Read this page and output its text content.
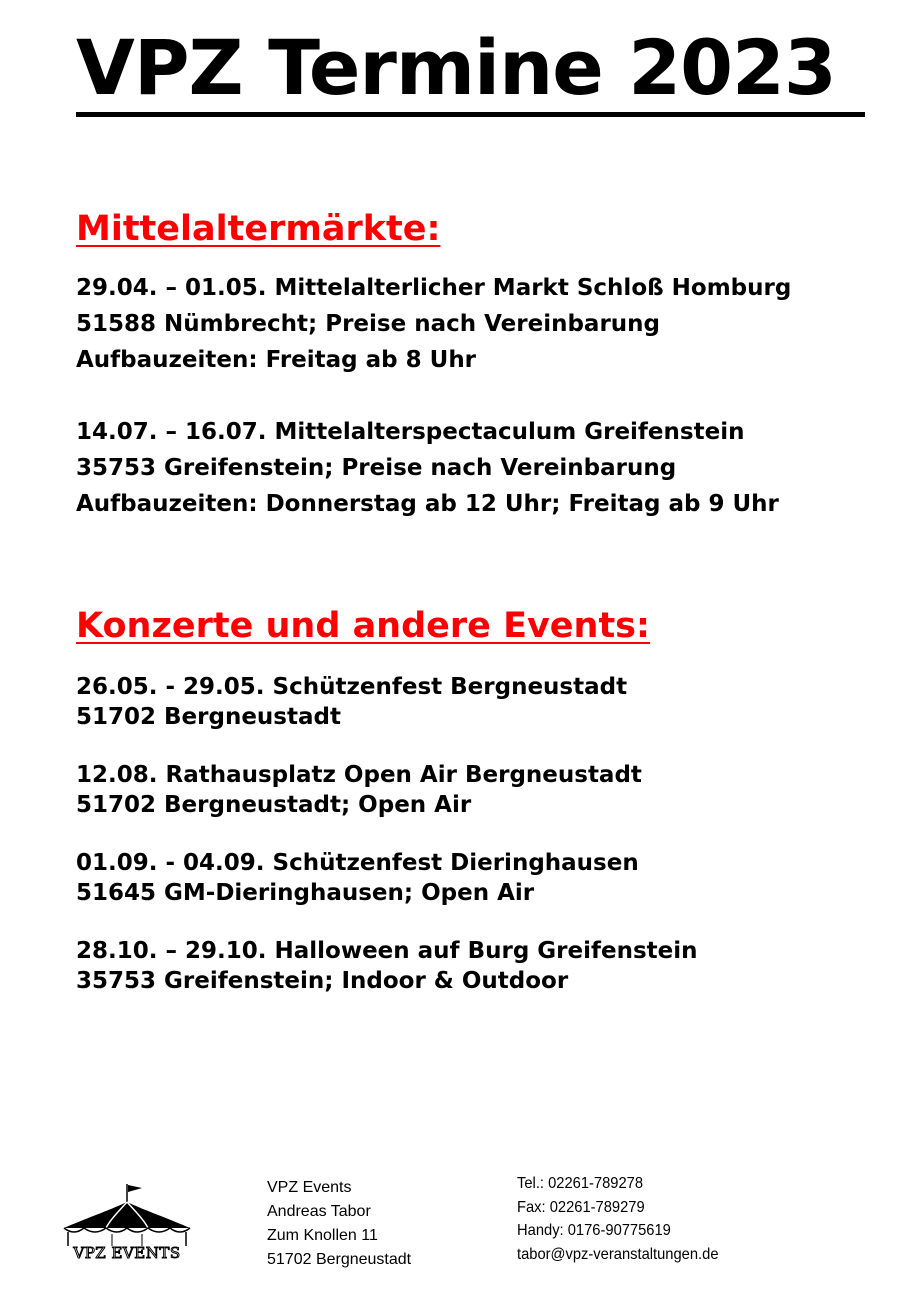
VPZ Termine 2023
Mittelaltermärkte:
29.04. – 01.05. Mittelalterlicher Markt Schloß Homburg
51588 Nümbrecht; Preise nach Vereinbarung
Aufbauzeiten: Freitag ab 8 Uhr
14.07. – 16.07. Mittelalterspectaculum Greifenstein
35753 Greifenstein; Preise nach Vereinbarung
Aufbauzeiten: Donnerstag ab 12 Uhr; Freitag ab 9 Uhr
Konzerte und andere Events:
26.05. - 29.05. Schützenfest Bergneustadt
51702 Bergneustadt
12.08. Rathausplatz Open Air Bergneustadt
51702 Bergneustadt; Open Air
01.09. - 04.09. Schützenfest Dieringhausen
51645 GM-Dieringhausen; Open Air
28.10. – 29.10. Halloween auf Burg Greifenstein
35753 Greifenstein; Indoor & Outdoor
VPZ EVENTS
VPZ Events
Andreas Tabor
Zum Knollen 11
51702 Bergneustadt
Tel.: 02261-789278
Fax: 02261-789279
Handy: 0176-90775619
tabor@vpz-veranstaltungen.de
